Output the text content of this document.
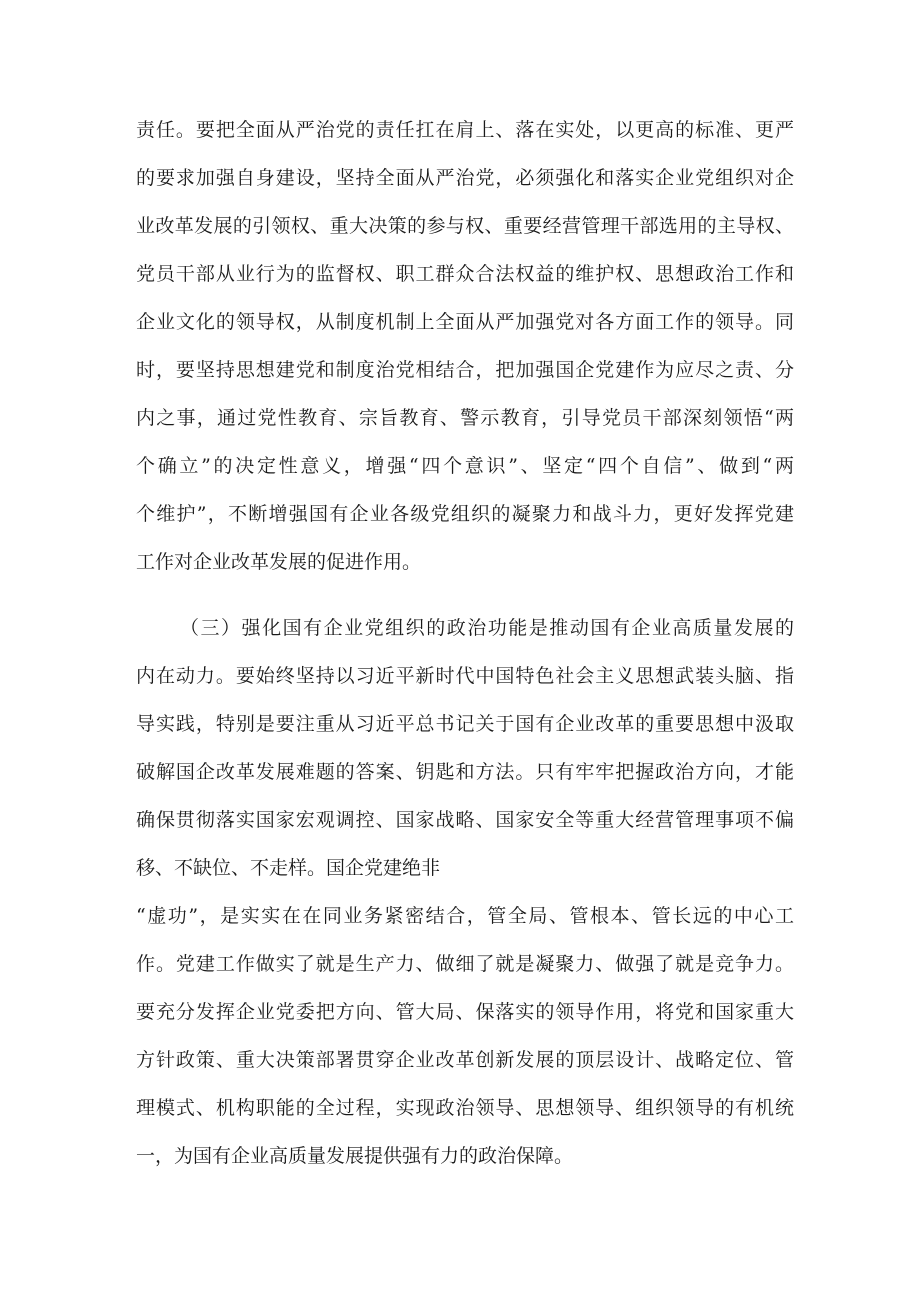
责任。要把全面从严治党的责任扛在肩上、落在实处，以更高的标准、更严
的要求加强自身建设，坚持全面从严治党，必须强化和落实企业党组织对企
业改革发展的引领权、重大决策的参与权、重要经营管理干部选用的主导权、
党员干部从业行为的监督权、职工群众合法权益的维护权、思想政治工作和
企业文化的领导权，从制度机制上全面从严加强党对各方面工作的领导。同
时，要坚持思想建党和制度治党相结合，把加强国企党建作为应尽之责、分
内之事，通过党性教育、宗旨教育、警示教育，引导党员干部深刻领悟“两
个确立”的决定性意义，增强“四个意识”、坚定“四个自信”、做到“两
个维护”，不断增强国有企业各级党组织的凝聚力和战斗力，更好发挥党建
工作对企业改革发展的促进作用。
（三）强化国有企业党组织的政治功能是推动国有企业高质量发展的
内在动力。要始终坚持以习近平新时代中国特色社会主义思想武装头脑、指
导实践，特别是要注重从习近平总书记关于国有企业改革的重要思想中汲取
破解国企改革发展难题的答案、钥匙和方法。只有牢牢把握政治方向，才能
确保贯彻落实国家宏观调控、国家战略、国家安全等重大经营管理事项不偏
移、不缺位、不走样。国企党建绝非
“虚功”，是实实在在同业务紧密结合，管全局、管根本、管长远的中心工
作。党建工作做实了就是生产力、做细了就是凝聚力、做强了就是竞争力。
要充分发挥企业党委把方向、管大局、保落实的领导作用，将党和国家重大
方针政策、重大决策部署贯穿企业改革创新发展的顶层设计、战略定位、管
理模式、机构职能的全过程，实现政治领导、思想领导、组织领导的有机统
一，为国有企业高质量发展提供强有力的政治保障。
